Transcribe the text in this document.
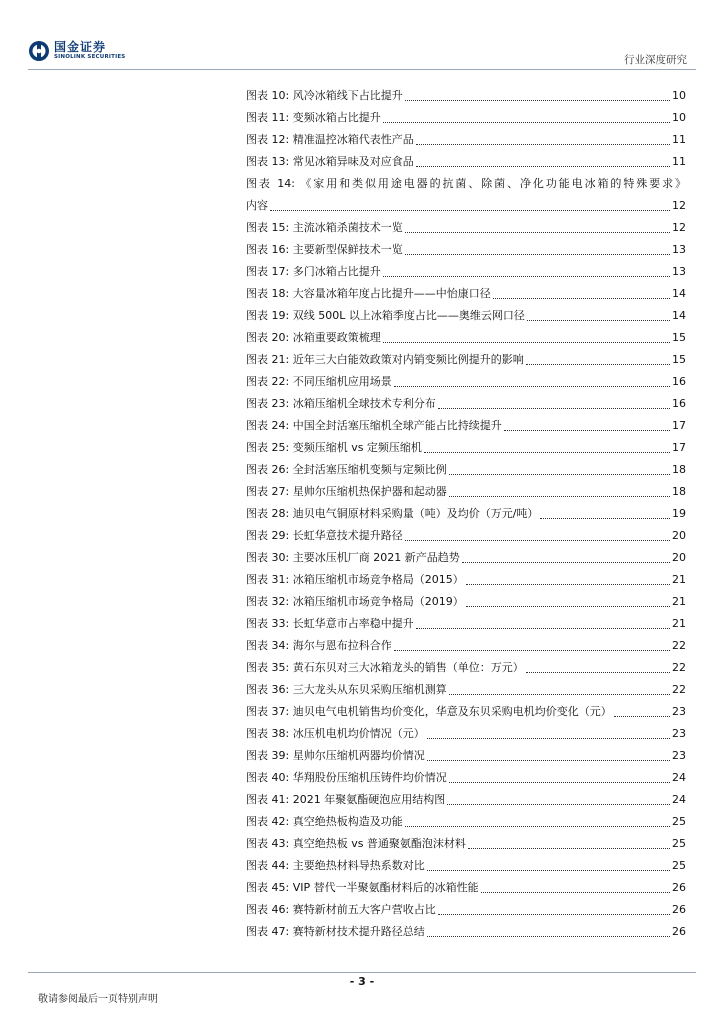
国金证券
SINOLINK SECURITIES	行业深度研究
图表 10: 风冷冰箱线下占比提升	10
图表 11: 变频冰箱占比提升	10
图表 12: 精准温控冰箱代表性产品	11
图表 13: 常见冰箱异味及对应食品	11
图表 14: 《家用和类似用途电器的抗菌、除菌、净化功能电冰箱的特殊要求》
内容	12
图表 15: 主流冰箱杀菌技术一览	12
图表 16: 主要新型保鲜技术一览	13
图表 17: 多门冰箱占比提升	13
图表 18: 大容量冰箱年度占比提升——中怡康口径	14
图表 19: 双线 500L 以上冰箱季度占比——奥维云网口径	14
图表 20: 冰箱重要政策梳理	15
图表 21: 近年三大白能效政策对内销变频比例提升的影响	15
图表 22: 不同压缩机应用场景	16
图表 23: 冰箱压缩机全球技术专利分布	16
图表 24: 中国全封活塞压缩机全球产能占比持续提升	17
图表 25: 变频压缩机 vs 定频压缩机	17
图表 26: 全封活塞压缩机变频与定频比例	18
图表 27: 星帅尔压缩机热保护器和起动器	18
图表 28: 迪贝电气铜原材料采购量（吨）及均价（万元/吨）	19
图表 29: 长虹华意技术提升路径	20
图表 30: 主要冰压机厂商 2021 新产品趋势	20
图表 31: 冰箱压缩机市场竞争格局（2015）	21
图表 32: 冰箱压缩机市场竞争格局（2019）	21
图表 33: 长虹华意市占率稳中提升	21
图表 34: 海尔与恩布拉科合作	22
图表 35: 黄石东贝对三大冰箱龙头的销售（单位：万元）	22
图表 36: 三大龙头从东贝采购压缩机测算	22
图表 37: 迪贝电气电机销售均价变化，华意及东贝采购电机均价变化（元）	23
图表 38: 冰压机电机均价情况（元）	23
图表 39: 星帅尔压缩机两器均价情况	23
图表 40: 华翔股份压缩机压铸件均价情况	24
图表 41: 2021 年聚氨酯硬泡应用结构图	24
图表 42: 真空绝热板构造及功能	25
图表 43: 真空绝热板 vs 普通聚氨酯泡沫材料	25
图表 44: 主要绝热材料导热系数对比	25
图表 45: VIP 替代一半聚氨酯材料后的冰箱性能	26
图表 46: 赛特新材前五大客户营收占比	26
图表 47: 赛特新材技术提升路径总结	26
- 3 -
敬请参阅最后一页特别声明
